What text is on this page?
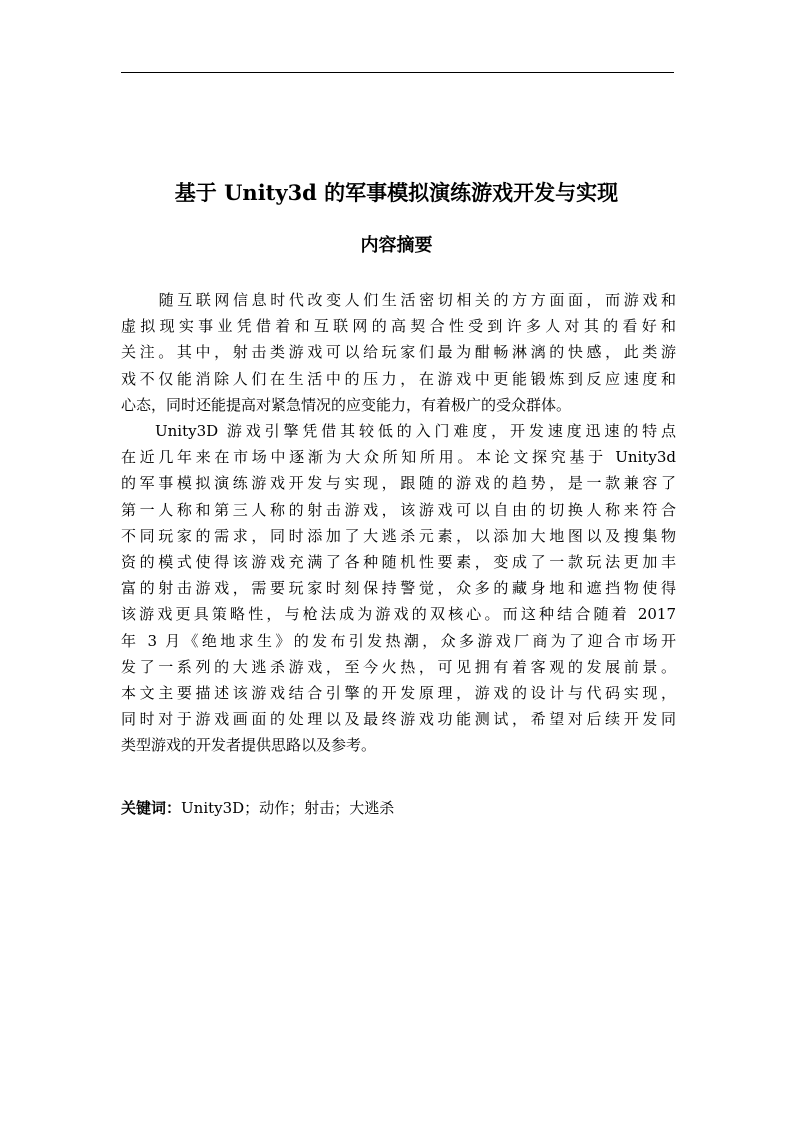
基于 Unity3d 的军事模拟演练游戏开发与实现
内容摘要

随互联网信息时代改变人们生活密切相关的方方面面，而游戏和
虚拟现实事业凭借着和互联网的高契合性受到许多人对其的看好和
关注。其中，射击类游戏可以给玩家们最为酣畅淋漓的快感，此类游
戏不仅能消除人们在生活中的压力，在游戏中更能锻炼到反应速度和
心态，同时还能提高对紧急情况的应变能力，有着极广的受众群体。

Unity3D 游戏引擎凭借其较低的入门难度，开发速度迅速的特点
在近几年来在市场中逐渐为大众所知所用。本论文探究基于 Unity3d
的军事模拟演练游戏开发与实现，跟随的游戏的趋势，是一款兼容了
第一人称和第三人称的射击游戏，该游戏可以自由的切换人称来符合
不同玩家的需求，同时添加了大逃杀元素，以添加大地图以及搜集物
资的模式使得该游戏充满了各种随机性要素，变成了一款玩法更加丰
富的射击游戏，需要玩家时刻保持警觉，众多的藏身地和遮挡物使得
该游戏更具策略性，与枪法成为游戏的双核心。而这种结合随着 2017
年 3 月《绝地求生》的发布引发热潮，众多游戏厂商为了迎合市场开
发了一系列的大逃杀游戏，至今火热，可见拥有着客观的发展前景。
本文主要描述该游戏结合引擎的开发原理，游戏的设计与代码实现，
同时对于游戏画面的处理以及最终游戏功能测试，希望对后续开发同
类型游戏的开发者提供思路以及参考。

关键词：Unity3D；动作；射击；大逃杀
